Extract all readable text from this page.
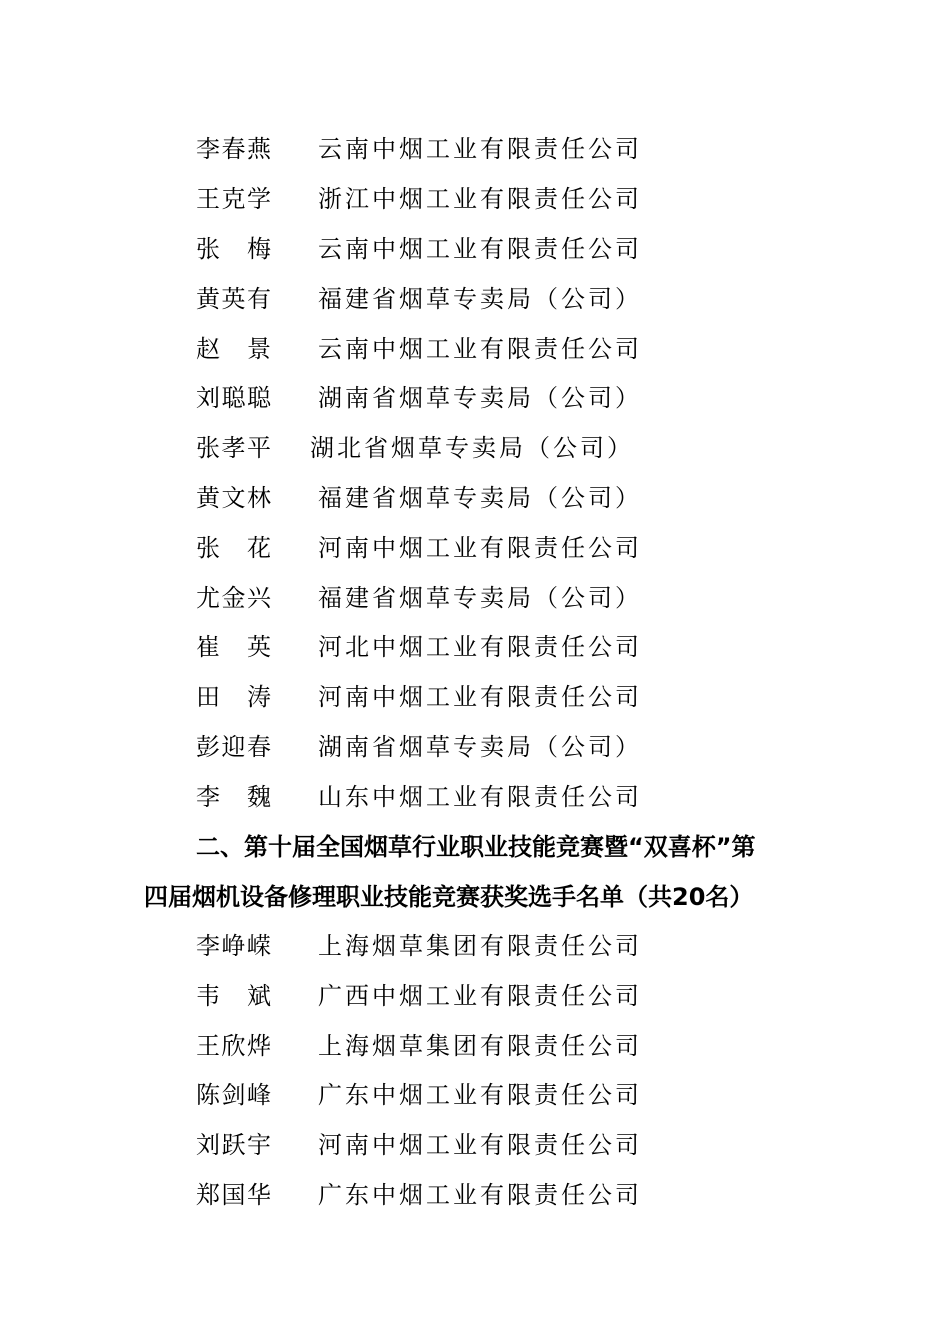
李春燕 云南中烟工业有限责任公司
王克学 浙江中烟工业有限责任公司
张梅 云南中烟工业有限责任公司
黄英有 福建省烟草专卖局（公司）
赵景 云南中烟工业有限责任公司
刘聪聪 湖南省烟草专卖局（公司）
张孝平 湖北省烟草专卖局（公司）
黄文林 福建省烟草专卖局（公司）
张花 河南中烟工业有限责任公司
尤金兴 福建省烟草专卖局（公司）
崔英 河北中烟工业有限责任公司
田涛 河南中烟工业有限责任公司
彭迎春 湖南省烟草专卖局（公司）
李魏 山东中烟工业有限责任公司
二、第十届全国烟草行业职业技能竞赛暨“双喜杯”第
四届烟机设备修理职业技能竞赛获奖选手名单（共20名）
李峥嵘 上海烟草集团有限责任公司
韦斌 广西中烟工业有限责任公司
王欣烨 上海烟草集团有限责任公司
陈剑峰 广东中烟工业有限责任公司
刘跃宇 河南中烟工业有限责任公司
郑国华 广东中烟工业有限责任公司
